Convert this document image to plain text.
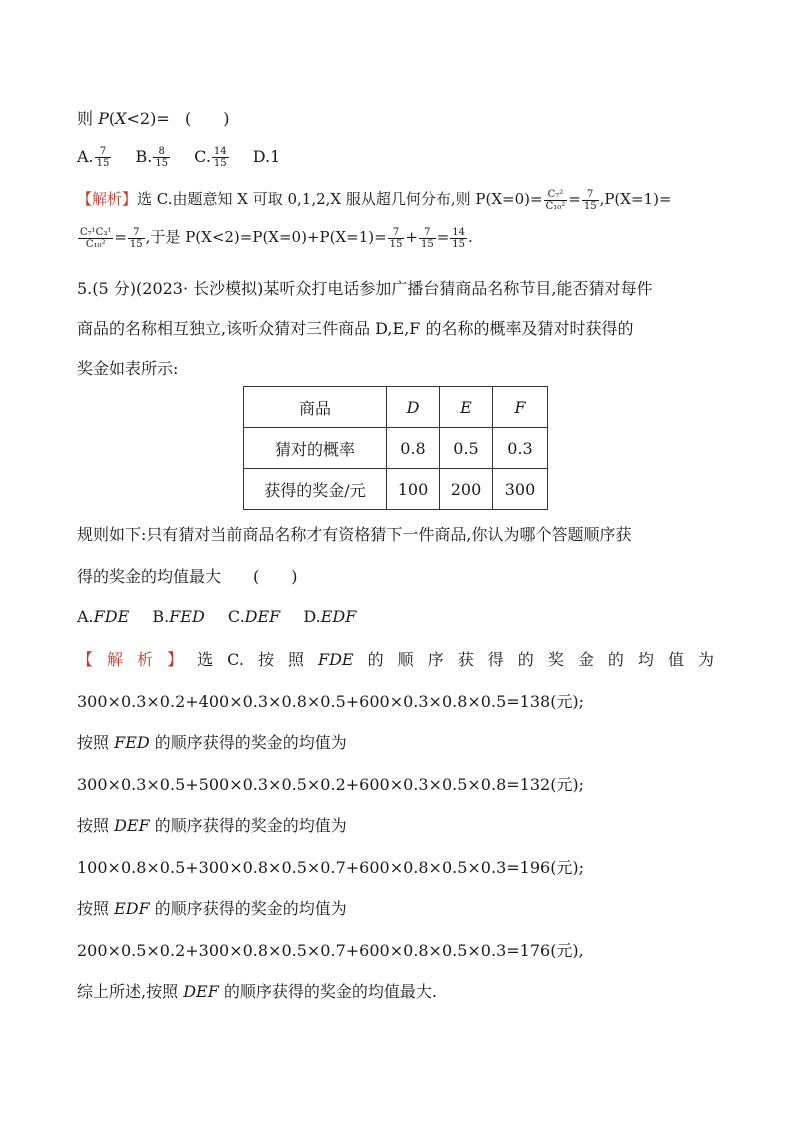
则 P(X<2)= (　　)
A. $\frac{7}{15} B$. $\frac{8}{15} C$. $\frac{14}{15} D.1$
【解析】选 C.由题意知 X 可取 0,1,2,X 服从超几何分布,则 $P(X=0)= \frac{\text{C₇²}}{\text{C₁₀²}} = \frac{7}{15} ,P(X=1)=$
$\frac{\text{C₇¹C₃¹}}{\text{C₁₀²}} = \frac{7}{15}$ ,于是 $P(X<2)=P(X=0)+P(X=1)= \frac{7}{15} + \frac{7}{15} = \frac{14}{15}$ .
5.(5 分)(2023· 长沙模拟)某听众打电话参加广播台猜商品名称节目,能否猜对每件
商品的名称相互独立,该听众猜对三件商品 D,E,F 的名称的概率及猜对时获得的
奖金如表所示:
商品	D	E	F
猜对的概率	0.8	0.5	0.3
获得的奖金/元	100	200	300
规则如下:只有猜对当前商品名称才有资格猜下一件商品,你认为哪个答题顺序获
得的奖金的均值最大　　(　　)
A.FDE B.FED C.DEF D.EDF
【 解 析 】 选 C. 按 照 FDE 的 顺 序 获 得 的 奖 金 的 均 值 为
300×0.3×0.2+400×0.3×0.8×0.5+600×0.3×0.8×0.5=138(元);
按照 FED 的顺序获得的奖金的均值为
300×0.3×0.5+500×0.3×0.5×0.2+600×0.3×0.5×0.8=132(元);
按照 DEF 的顺序获得的奖金的均值为
100×0.8×0.5+300×0.8×0.5×0.7+600×0.8×0.5×0.3=196(元);
按照 EDF 的顺序获得的奖金的均值为
200×0.5×0.2+300×0.8×0.5×0.7+600×0.8×0.5×0.3=176(元),
综上所述,按照 DEF 的顺序获得的奖金的均值最大.
